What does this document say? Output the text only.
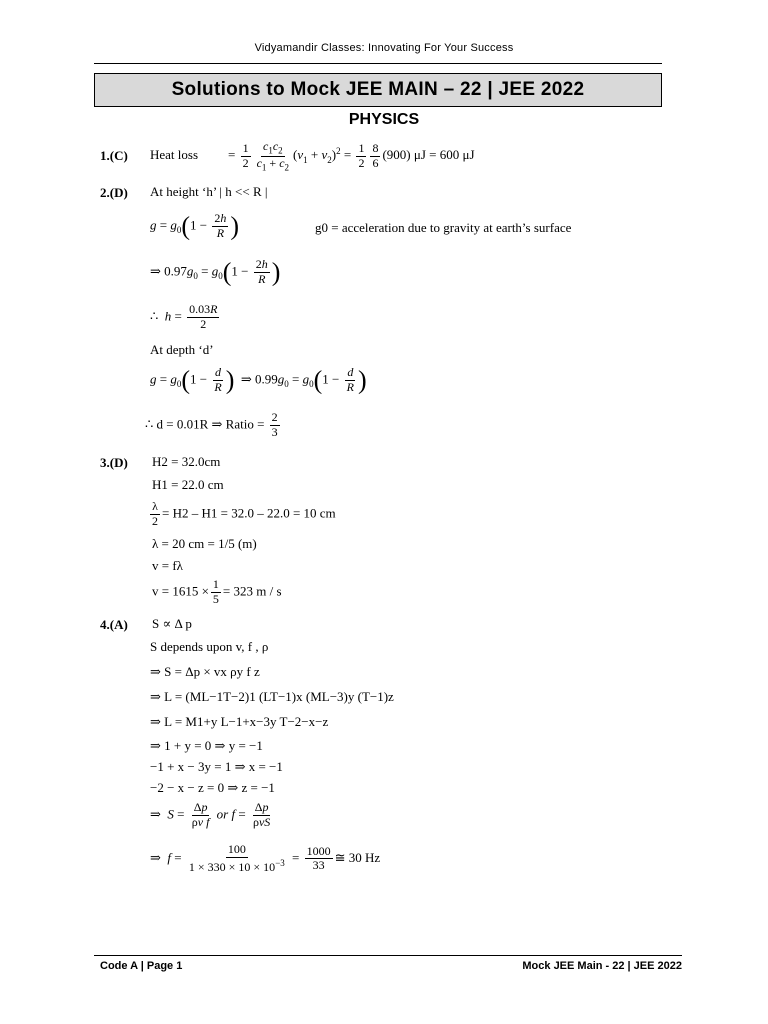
Vidyamandir Classes: Innovating For Your Success
Solutions to Mock JEE MAIN – 22 | JEE 2022
PHYSICS
1.(C) Heat loss = $\frac{1}{2} \frac{c_1c_2}{c_1 + c_2} (v_1 + v_2)^2 = \frac{1}{2} \frac{8}{6} (900) \mu J = 600$ μJ
2.(D) At height ‘h’ | h << R |
$g = g_0(1 - \frac{2h}{R}$ )	g0 = acceleration due to gravity at earth’s surface
⇒ $0.97g_0 = g_0(1 - \frac{2h}{R}$ )
∴  $h = \frac{0.03R}{2}$
At depth ‘d’
$g = g_0(1 - \frac{d}{R}$ )  ⇒ $0.99g_0 = g_0(1 - \frac{d}{R}$ )
∴ d = 0.01R ⇒ Ratio = $\frac{2}{3}$
3.(D) H2 = 32.0cm
H1 = 22.0 cm
$\frac{\lambda}{2} = H2 - H1 = 32.0 - 22.0 = 10$ cm
λ = 20 cm = 1/5 (m)
v = fλ
$v = 1615 \times \frac{1}{5} = 323$ m / s
4.(A) S ∝ Δ p
S depends upon v, f , ρ
⇒ S = Δp × vx ρy f z
⇒ L = (ML−1T−2)1 (LT−1)x (ML−3)y (T−1)z
⇒ L = M1+y L−1+x−3y T−2−x−z
⇒ 1 + y = 0 ⇒ y = −1
−1 + x − 3y = 1 ⇒ x = −1
−2 − x − z = 0 ⇒ z = −1
⇒  $S = \frac{\Delta p}{\text{ρv f}}$ or $f = \frac{\Delta p}{\text{ρvS}}$
⇒  $f = \frac{100}{1 \times 330 \times 10 \times 10^{-3}} = \frac{1000}{33}$ ≅ 30 Hz
Code A | Page 1	Mock JEE Main - 22 | JEE 2022
